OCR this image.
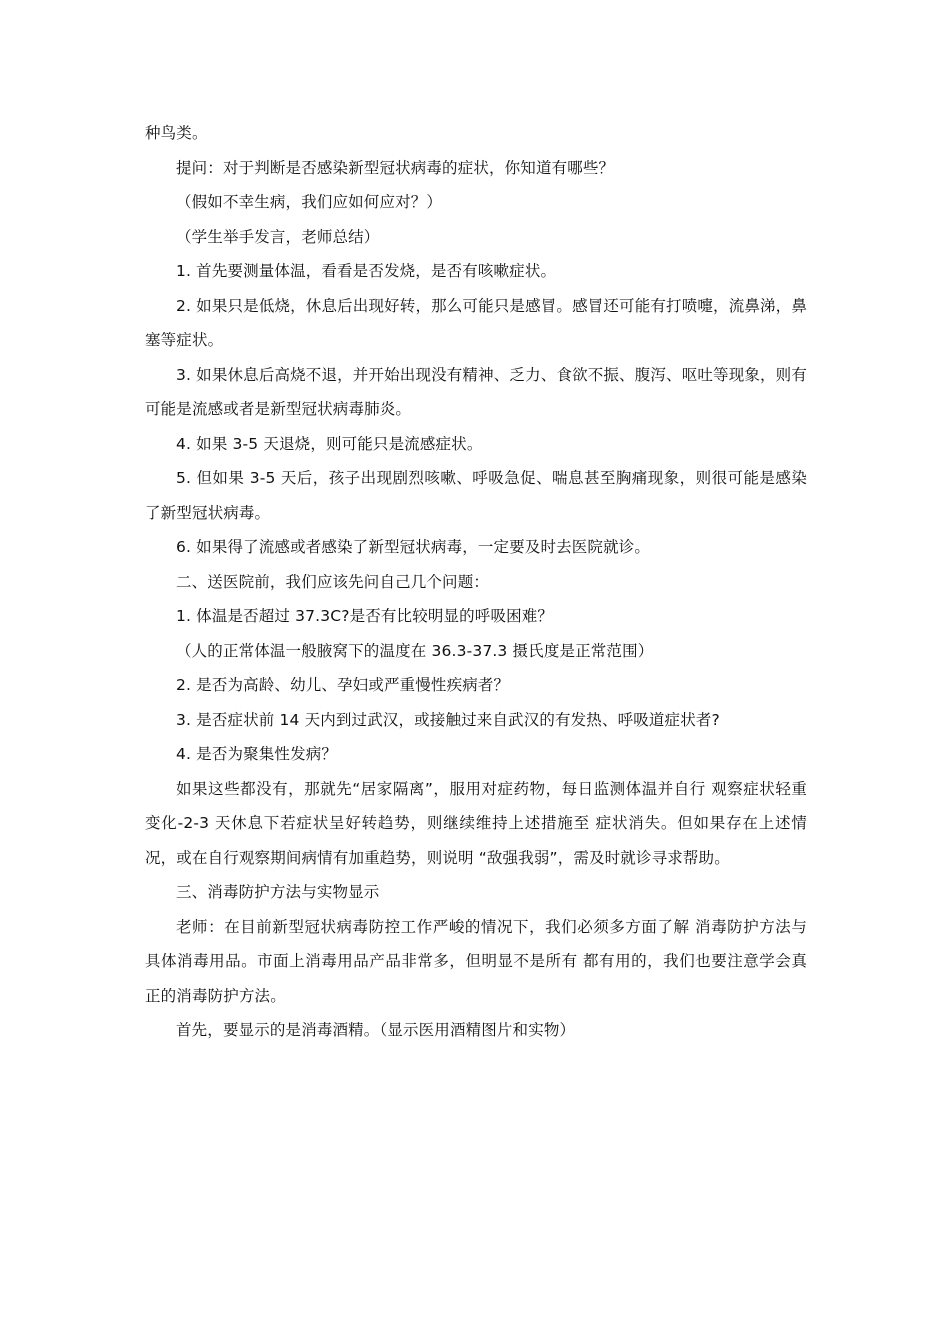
种鸟类。

提问：对于判断是否感染新型冠状病毒的症状，你知道有哪些？

（假如不幸生病，我们应如何应对？）

（学生举手发言，老师总结）

1. 首先要测量体温，看看是否发烧，是否有咳嗽症状。

2. 如果只是低烧，休息后出现好转，那么可能只是感冒。感冒还可能有打喷嚏，流鼻涕，鼻塞等症状。

3. 如果休息后高烧不退，并开始出现没有精神、乏力、食欲不振、腹泻、呕吐等现象，则有可能是流感或者是新型冠状病毒肺炎。

4. 如果 3-5 天退烧，则可能只是流感症状。

5. 但如果 3-5 天后，孩子出现剧烈咳嗽、呼吸急促、喘息甚至胸痛现象，则很可能是感染了新型冠状病毒。

6. 如果得了流感或者感染了新型冠状病毒，一定要及时去医院就诊。

二、送医院前，我们应该先问自己几个问题：

1. 体温是否超过 37.3C?是否有比较明显的呼吸困难？

（人的正常体温一般腋窝下的温度在 36.3-37.3 摄氏度是正常范围）

2. 是否为高龄、幼儿、孕妇或严重慢性疾病者？

3. 是否症状前 14 天内到过武汉，或接触过来自武汉的有发热、呼吸道症状者?

4. 是否为聚集性发病？

如果这些都没有，那就先“居家隔离”，服用对症药物，每日监测体温并自行 观察症状轻重变化-2-3 天休息下若症状呈好转趋势，则继续维持上述措施至 症状消失。但如果存在上述情况，或在自行观察期间病情有加重趋势，则说明 “敌强我弱”，需及时就诊寻求帮助。

三、消毒防护方法与实物显示

老师：在目前新型冠状病毒防控工作严峻的情况下，我们必须多方面了解 消毒防护方法与具体消毒用品。市面上消毒用品产品非常多，但明显不是所有 都有用的，我们也要注意学会真正的消毒防护方法。

首先，要显示的是消毒酒精。（显示医用酒精图片和实物）
